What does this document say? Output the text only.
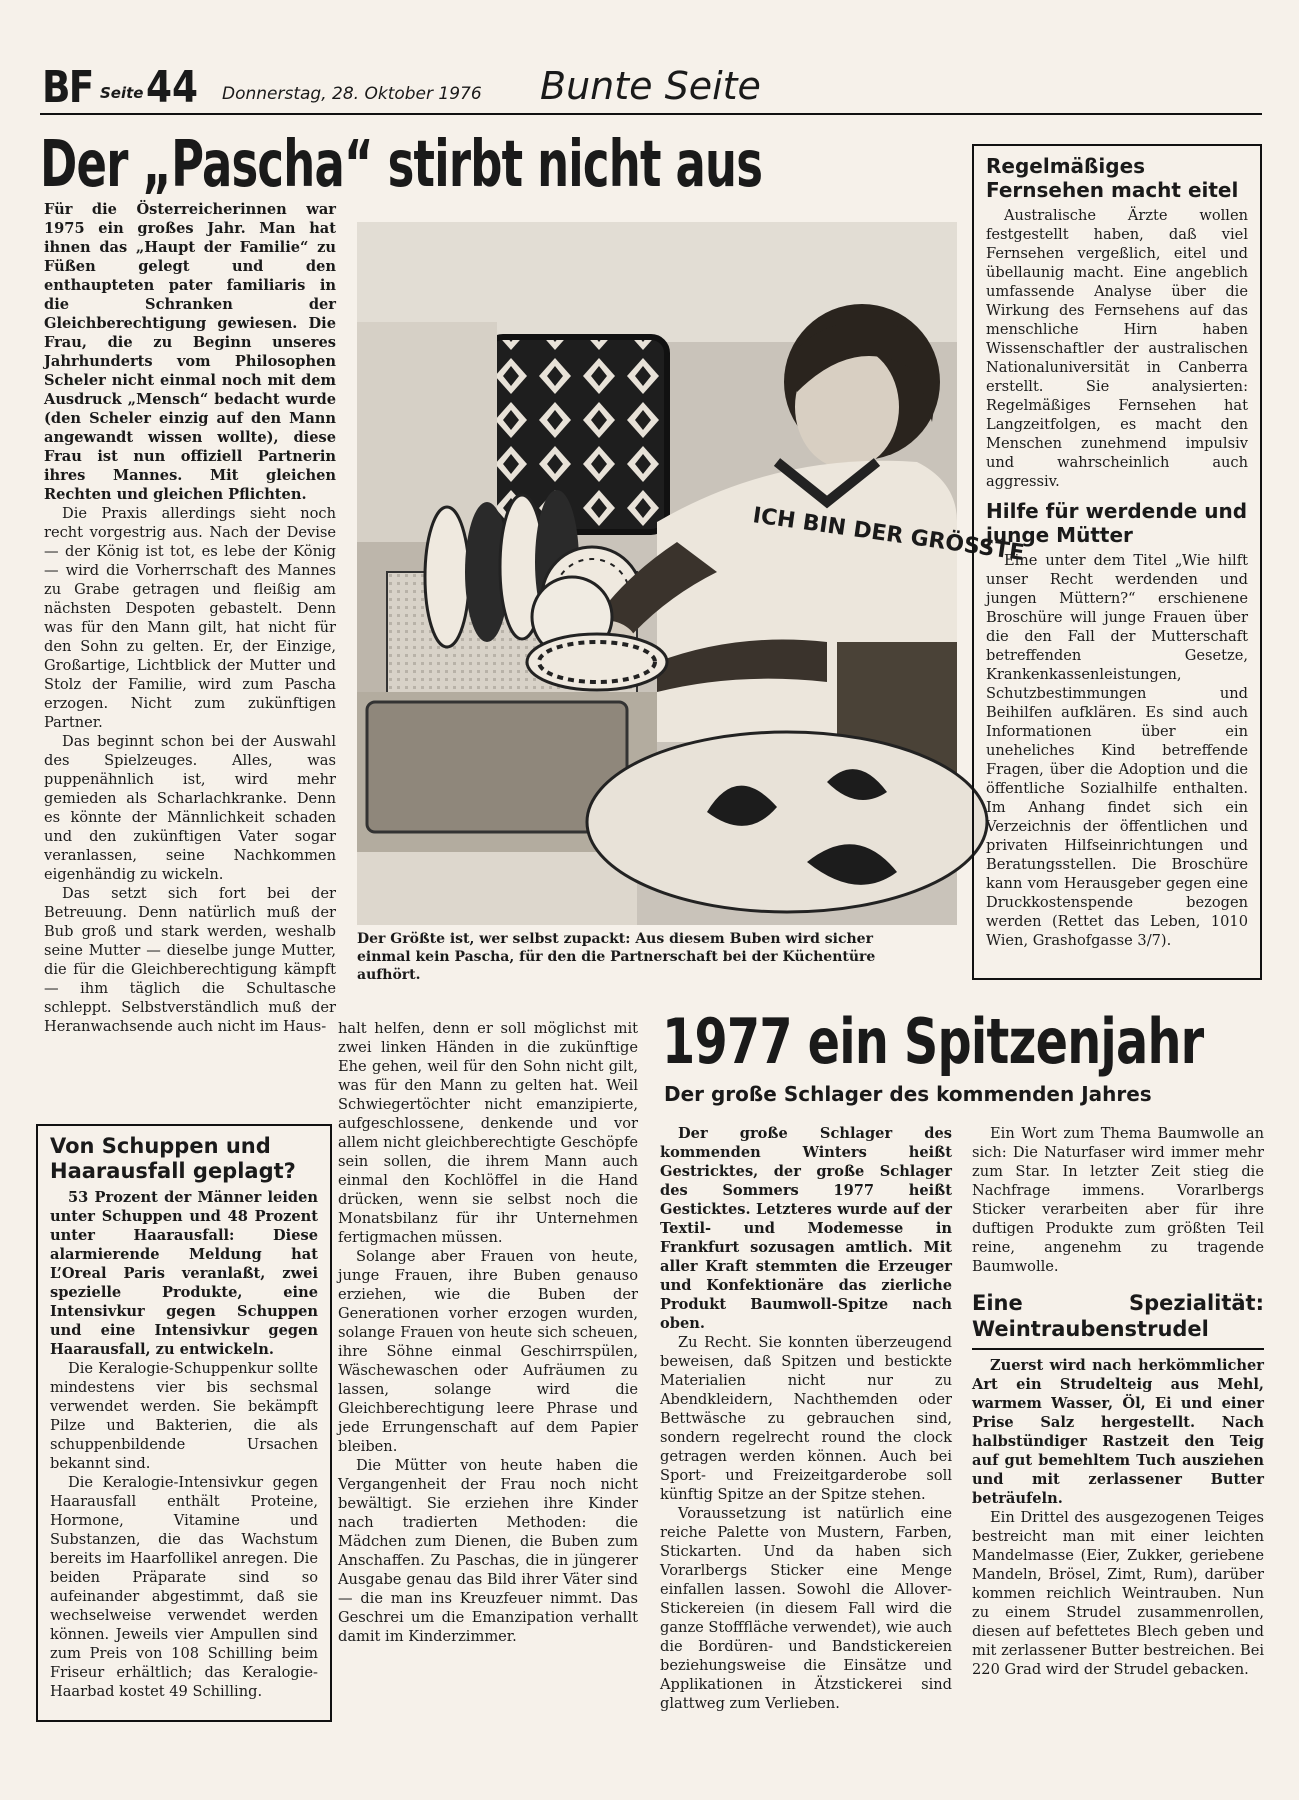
BF Seite 44 Donnerstag, 28. Oktober 1976 Bunte Seite
Der „Pascha“ stirbt nicht aus

Für die Österreicherinnen war 1975 ein großes Jahr. Man hat ihnen das „Haupt der Familie“ zu Füßen gelegt und den enthaupteten pater familiaris in die Schranken der Gleichberechtigung gewiesen. Die Frau, die zu Beginn unseres Jahrhunderts vom Philosophen Scheler nicht einmal noch mit dem Ausdruck „Mensch“ bedacht wurde (den Scheler einzig auf den Mann angewandt wissen wollte), diese Frau ist nun offiziell Partnerin ihres Mannes. Mit gleichen Rechten und gleichen Pflichten.

Die Praxis allerdings sieht noch recht vorgestrig aus. Nach der Devise — der König ist tot, es lebe der König — wird die Vorherrschaft des Mannes zu Grabe getragen und fleißig am nächsten Despoten gebastelt. Denn was für den Mann gilt, hat nicht für den Sohn zu gelten. Er, der Einzige, Großartige, Lichtblick der Mutter und Stolz der Familie, wird zum Pascha erzogen. Nicht zum zukünftigen Partner.

Das beginnt schon bei der Auswahl des Spielzeuges. Alles, was puppenähnlich ist, wird mehr gemieden als Scharlachkranke. Denn es könnte der Männlichkeit schaden und den zukünftigen Vater sogar veranlassen, seine Nachkommen eigenhändig zu wickeln.

Das setzt sich fort bei der Betreuung. Denn natürlich muß der Bub groß und stark werden, weshalb seine Mutter — dieselbe junge Mutter, die für die Gleichberechtigung kämpft — ihm täglich die Schultasche schleppt. Selbstverständlich muß der Heranwachsende auch nicht im Haus-

ICH BIN DER GRÖSSTE
Der Größte ist, wer selbst zupackt: Aus diesem Buben wird sicher einmal kein Pascha, für den die Partnerschaft bei der Küchentüre aufhört.

halt helfen, denn er soll möglichst mit zwei linken Händen in die zukünftige Ehe gehen, weil für den Sohn nicht gilt, was für den Mann zu gelten hat. Weil Schwiegertöchter nicht emanzipierte, aufgeschlossene, denkende und vor allem nicht gleichberechtigte Geschöpfe sein sollen, die ihrem Mann auch einmal den Kochlöffel in die Hand drücken, wenn sie selbst noch die Monatsbilanz für ihr Unternehmen fertigmachen müssen.

Solange aber Frauen von heute, junge Frauen, ihre Buben genauso erziehen, wie die Buben der Generationen vorher erzogen wurden, solange Frauen von heute sich scheuen, ihre Söhne einmal Geschirrspülen, Wäschewaschen oder Aufräumen zu lassen, solange wird die Gleichberechtigung leere Phrase und jede Errungenschaft auf dem Papier bleiben.

Die Mütter von heute haben die Vergangenheit der Frau noch nicht bewältigt. Sie erziehen ihre Kinder nach tradierten Methoden: die Mädchen zum Dienen, die Buben zum Anschaffen. Zu Paschas, die in jüngerer Ausgabe genau das Bild ihrer Väter sind — die man ins Kreuzfeuer nimmt. Das Geschrei um die Emanzipation verhallt damit im Kinderzimmer.

Regelmäßiges Fernsehen macht eitel

Australische Ärzte wollen festgestellt haben, daß viel Fernsehen vergeßlich, eitel und übellaunig macht. Eine angeblich umfassende Analyse über die Wirkung des Fernsehens auf das menschliche Hirn haben Wissenschaftler der australischen Nationaluniversität in Canberra erstellt. Sie analysierten: Regelmäßiges Fernsehen hat Langzeitfolgen, es macht den Menschen zunehmend impulsiv und wahrscheinlich auch aggressiv.

Hilfe für werdende und junge Mütter

Eine unter dem Titel „Wie hilft unser Recht werdenden und jungen Müttern?“ erschienene Broschüre will junge Frauen über die den Fall der Mutterschaft betreffenden Gesetze, Krankenkassenleistungen, Schutzbestimmungen und Beihilfen aufklären. Es sind auch Informationen über ein uneheliches Kind betreffende Fragen, über die Adoption und die öffentliche Sozialhilfe enthalten. Im Anhang findet sich ein Verzeichnis der öffentlichen und privaten Hilfseinrichtungen und Beratungsstellen. Die Broschüre kann vom Herausgeber gegen eine Druckkostenspende bezogen werden (Rettet das Leben, 1010 Wien, Grashofgasse 3/7).

Von Schuppen und Haarausfall geplagt?

53 Prozent der Männer leiden unter Schuppen und 48 Prozent unter Haarausfall: Diese alarmierende Meldung hat L’Oreal Paris veranlaßt, zwei spezielle Produkte, eine Intensivkur gegen Schuppen und eine Intensivkur gegen Haarausfall, zu entwickeln.

Die Keralogie-Schuppenkur sollte mindestens vier bis sechsmal verwendet werden. Sie bekämpft Pilze und Bakterien, die als schuppenbildende Ursachen bekannt sind.

Die Keralogie-Intensivkur gegen Haarausfall enthält Proteine, Hormone, Vitamine und Substanzen, die das Wachstum bereits im Haarfollikel anregen. Die beiden Präparate sind so aufeinander abgestimmt, daß sie wechselweise verwendet werden können. Jeweils vier Ampullen sind zum Preis von 108 Schilling beim Friseur erhältlich; das Keralogie-Haarbad kostet 49 Schilling.

1977 ein Spitzenjahr
Der große Schlager des kommenden Jahres

Der große Schlager des kommenden Winters heißt Gestricktes, der große Schlager des Sommers 1977 heißt Gesticktes. Letzteres wurde auf der Textil- und Modemesse in Frankfurt sozusagen amtlich. Mit aller Kraft stemmten die Erzeuger und Konfektionäre das zierliche Produkt Baumwoll-Spitze nach oben.

Zu Recht. Sie konnten überzeugend beweisen, daß Spitzen und bestickte Materialien nicht nur zu Abendkleidern, Nachthemden oder Bettwäsche zu gebrauchen sind, sondern regelrecht round the clock getragen werden können. Auch bei Sport- und Freizeitgarderobe soll künftig Spitze an der Spitze stehen.

Voraussetzung ist natürlich eine reiche Palette von Mustern, Farben, Stickarten. Und da haben sich Vorarlbergs Sticker eine Menge einfallen lassen. Sowohl die Allover-Stickereien (in diesem Fall wird die ganze Stofffläche verwendet), wie auch die Bordüren- und Bandstickereien beziehungsweise die Einsätze und Applikationen in Ätzstickerei sind glattweg zum Verlieben.

Ein Wort zum Thema Baumwolle an sich: Die Naturfaser wird immer mehr zum Star. In letzter Zeit stieg die Nachfrage immens. Vorarlbergs Sticker verarbeiten aber für ihre duftigen Produkte zum größten Teil reine, angenehm zu tragende Baumwolle.

Eine Spezialität: Weintraubenstrudel

Zuerst wird nach herkömmlicher Art ein Strudelteig aus Mehl, warmem Wasser, Öl, Ei und einer Prise Salz hergestellt. Nach halbstündiger Rastzeit den Teig auf gut bemehltem Tuch ausziehen und mit zerlassener Butter beträufeln.

Ein Drittel des ausgezogenen Teiges bestreicht man mit einer leichten Mandelmasse (Eier, Zukker, geriebene Mandeln, Brösel, Zimt, Rum), darüber kommen reichlich Weintrauben. Nun zu einem Strudel zusammenrollen, diesen auf befettetes Blech geben und mit zerlassener Butter bestreichen. Bei 220 Grad wird der Strudel gebacken.
